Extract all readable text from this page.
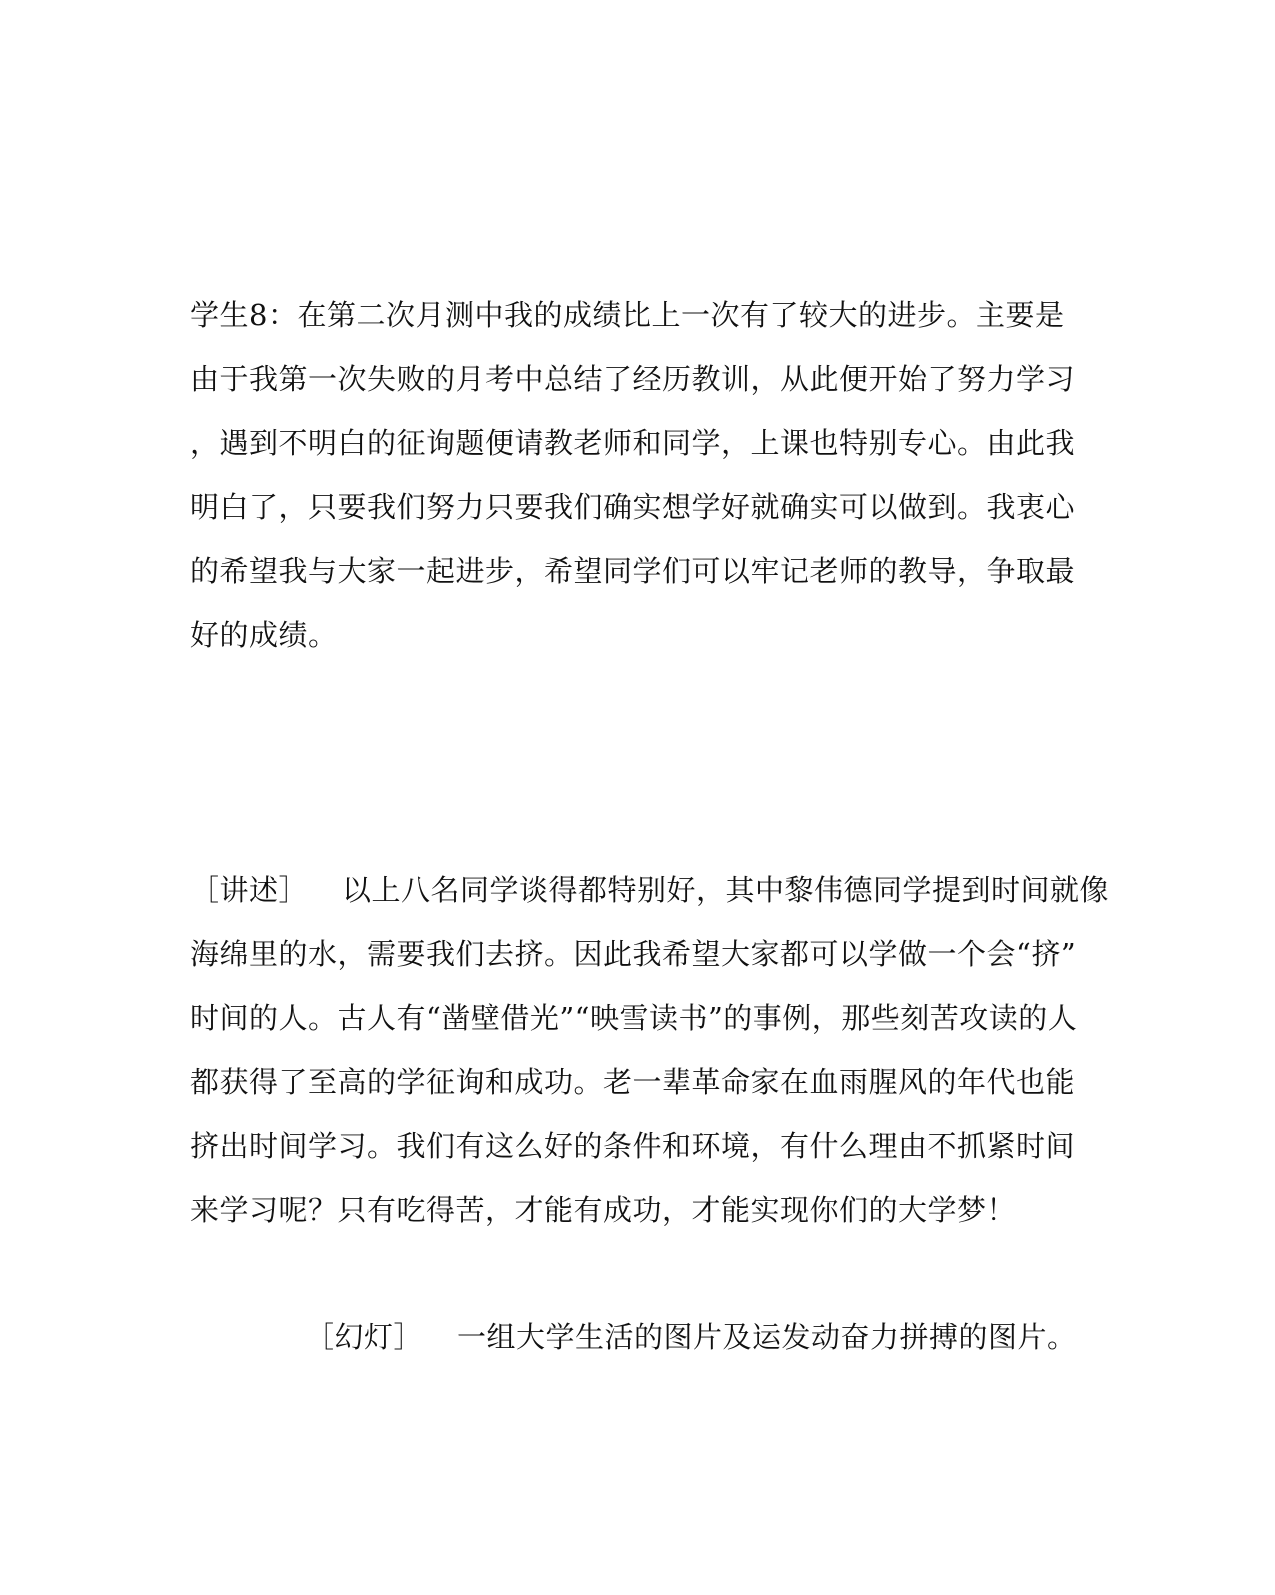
学生8：在第二次月测中我的成绩比上一次有了较大的进步。主要是
由于我第一次失败的月考中总结了经历教训，从此便开始了努力学习
，遇到不明白的征询题便请教老师和同学，上课也特别专心。由此我
明白了，只要我们努力只要我们确实想学好就确实可以做到。我衷心
的希望我与大家一起进步，希望同学们可以牢记老师的教导，争取最
好的成绩。
［讲述］ 以上八名同学谈得都特别好，其中黎伟德同学提到时间就像
海绵里的水，需要我们去挤。因此我希望大家都可以学做一个会“挤”
时间的人。古人有“凿壁借光”“映雪读书”的事例，那些刻苦攻读的人
都获得了至高的学征询和成功。老一辈革命家在血雨腥风的年代也能
挤出时间学习。我们有这么好的条件和环境，有什么理由不抓紧时间
来学习呢？只有吃得苦，才能有成功，才能实现你们的大学梦！
［幻灯］ 一组大学生活的图片及运发动奋力拼搏的图片。
